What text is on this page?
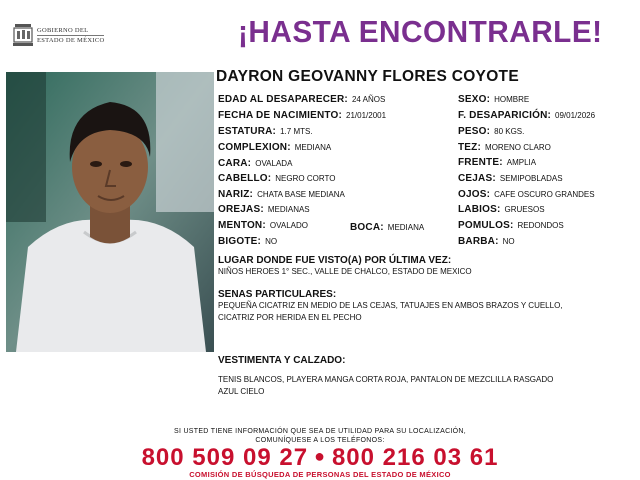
GOBIERNO DEL
ESTADO DE MÉXICO	¡HASTA ENCONTRARLE!
DAYRON GEOVANNY FLORES COYOTE
EDAD AL DESAPARECER: 24 AÑOS
FECHA DE NACIMIENTO: 21/01/2001
ESTATURA: 1.7 MTS.
COMPLEXION: MEDIANA
CARA: OVALADA
CABELLO: NEGRO CORTO
NARIZ: CHATA BASE MEDIANA
OREJAS: MEDIANAS
MENTON: OVALADO
BIGOTE: NO
BOCA: MEDIANA
SEXO: HOMBRE
F. DESAPARICIÓN: 09/01/2026
PESO: 80 KGS.
TEZ: MORENO CLARO
FRENTE: AMPLIA
CEJAS: SEMIPOBLADAS
OJOS: CAFE OSCURO GRANDES
LABIOS: GRUESOS
POMULOS: REDONDOS
BARBA: NO
LUGAR DONDE FUE VISTO(A) POR ÚLTIMA VEZ:
NIÑOS HEROES 1° SEC., VALLE DE CHALCO, ESTADO DE MEXICO
SENAS PARTICULARES:
PEQUEÑA CICATRIZ EN MEDIO DE LAS CEJAS, TATUAJES EN AMBOS BRAZOS Y CUELLO,
CICATRIZ POR HERIDA EN EL PECHO
VESTIMENTA Y CALZADO:
TENIS BLANCOS, PLAYERA MANGA CORTA ROJA, PANTALON DE MEZCLILLA RASGADO
AZUL CIELO
SI USTED TIENE INFORMACIÓN QUE SEA DE UTILIDAD PARA SU LOCALIZACIÓN,
COMUNÍQUESE A LOS TELÉFONOS:
800 509 09 27 ● 800 216 03 61
COMISIÓN DE BÚSQUEDA DE PERSONAS DEL ESTADO DE MÉXICO
